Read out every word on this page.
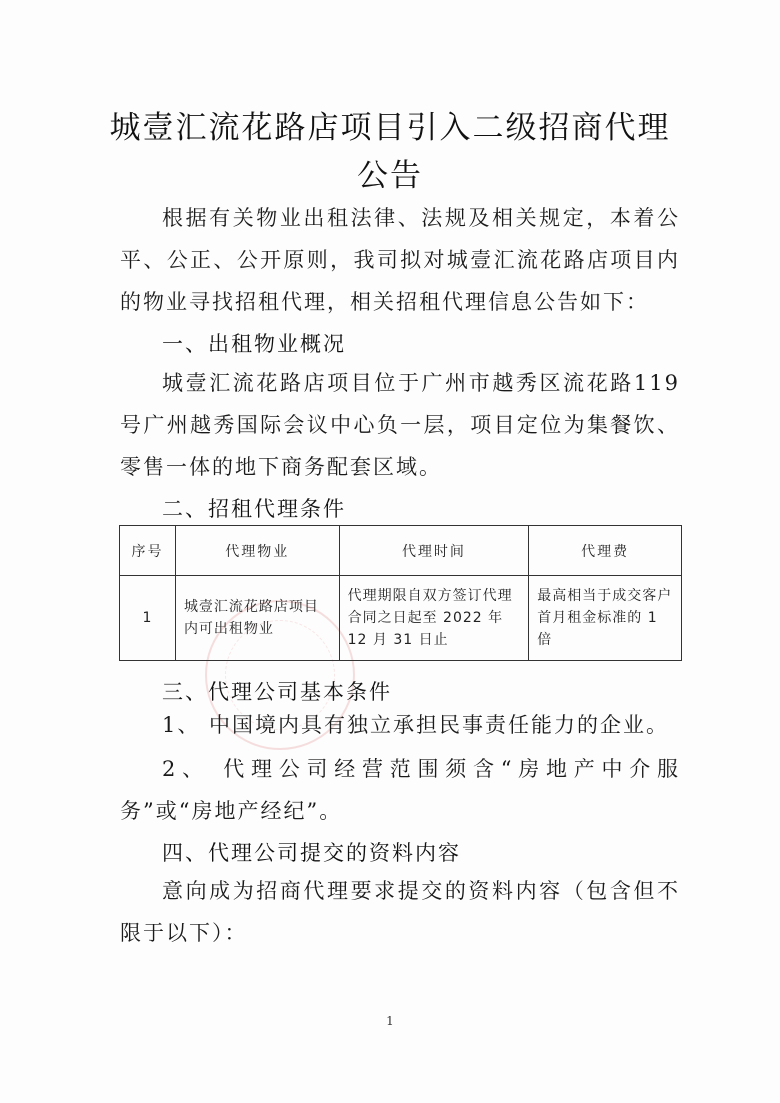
城壹汇流花路店项目引入二级招商代理
公告
根据有关物业出租法律、法规及相关规定，本着公平、公正、公开原则，我司拟对城壹汇流花路店项目内的物业寻找招租代理，相关招租代理信息公告如下：
一、出租物业概况
城壹汇流花路店项目位于广州市越秀区流花路119号广州越秀国际会议中心负一层，项目定位为集餐饮、零售一体的地下商务配套区域。
二、招租代理条件
序号	代理物业	代理时间	代理费
1	城壹汇流花路店项目内可出租物业	代理期限自双方签订代理合同之日起至 2022 年 12 月 31 日止	最高相当于成交客户首月租金标准的 1 倍
三、代理公司基本条件
1、 中国境内具有独立承担民事责任能力的企业。
2、 代理公司经营范围须含“房地产中介服务”或“房地产经纪”。
四、代理公司提交的资料内容
意向成为招商代理要求提交的资料内容（包含但不限于以下）：
1
